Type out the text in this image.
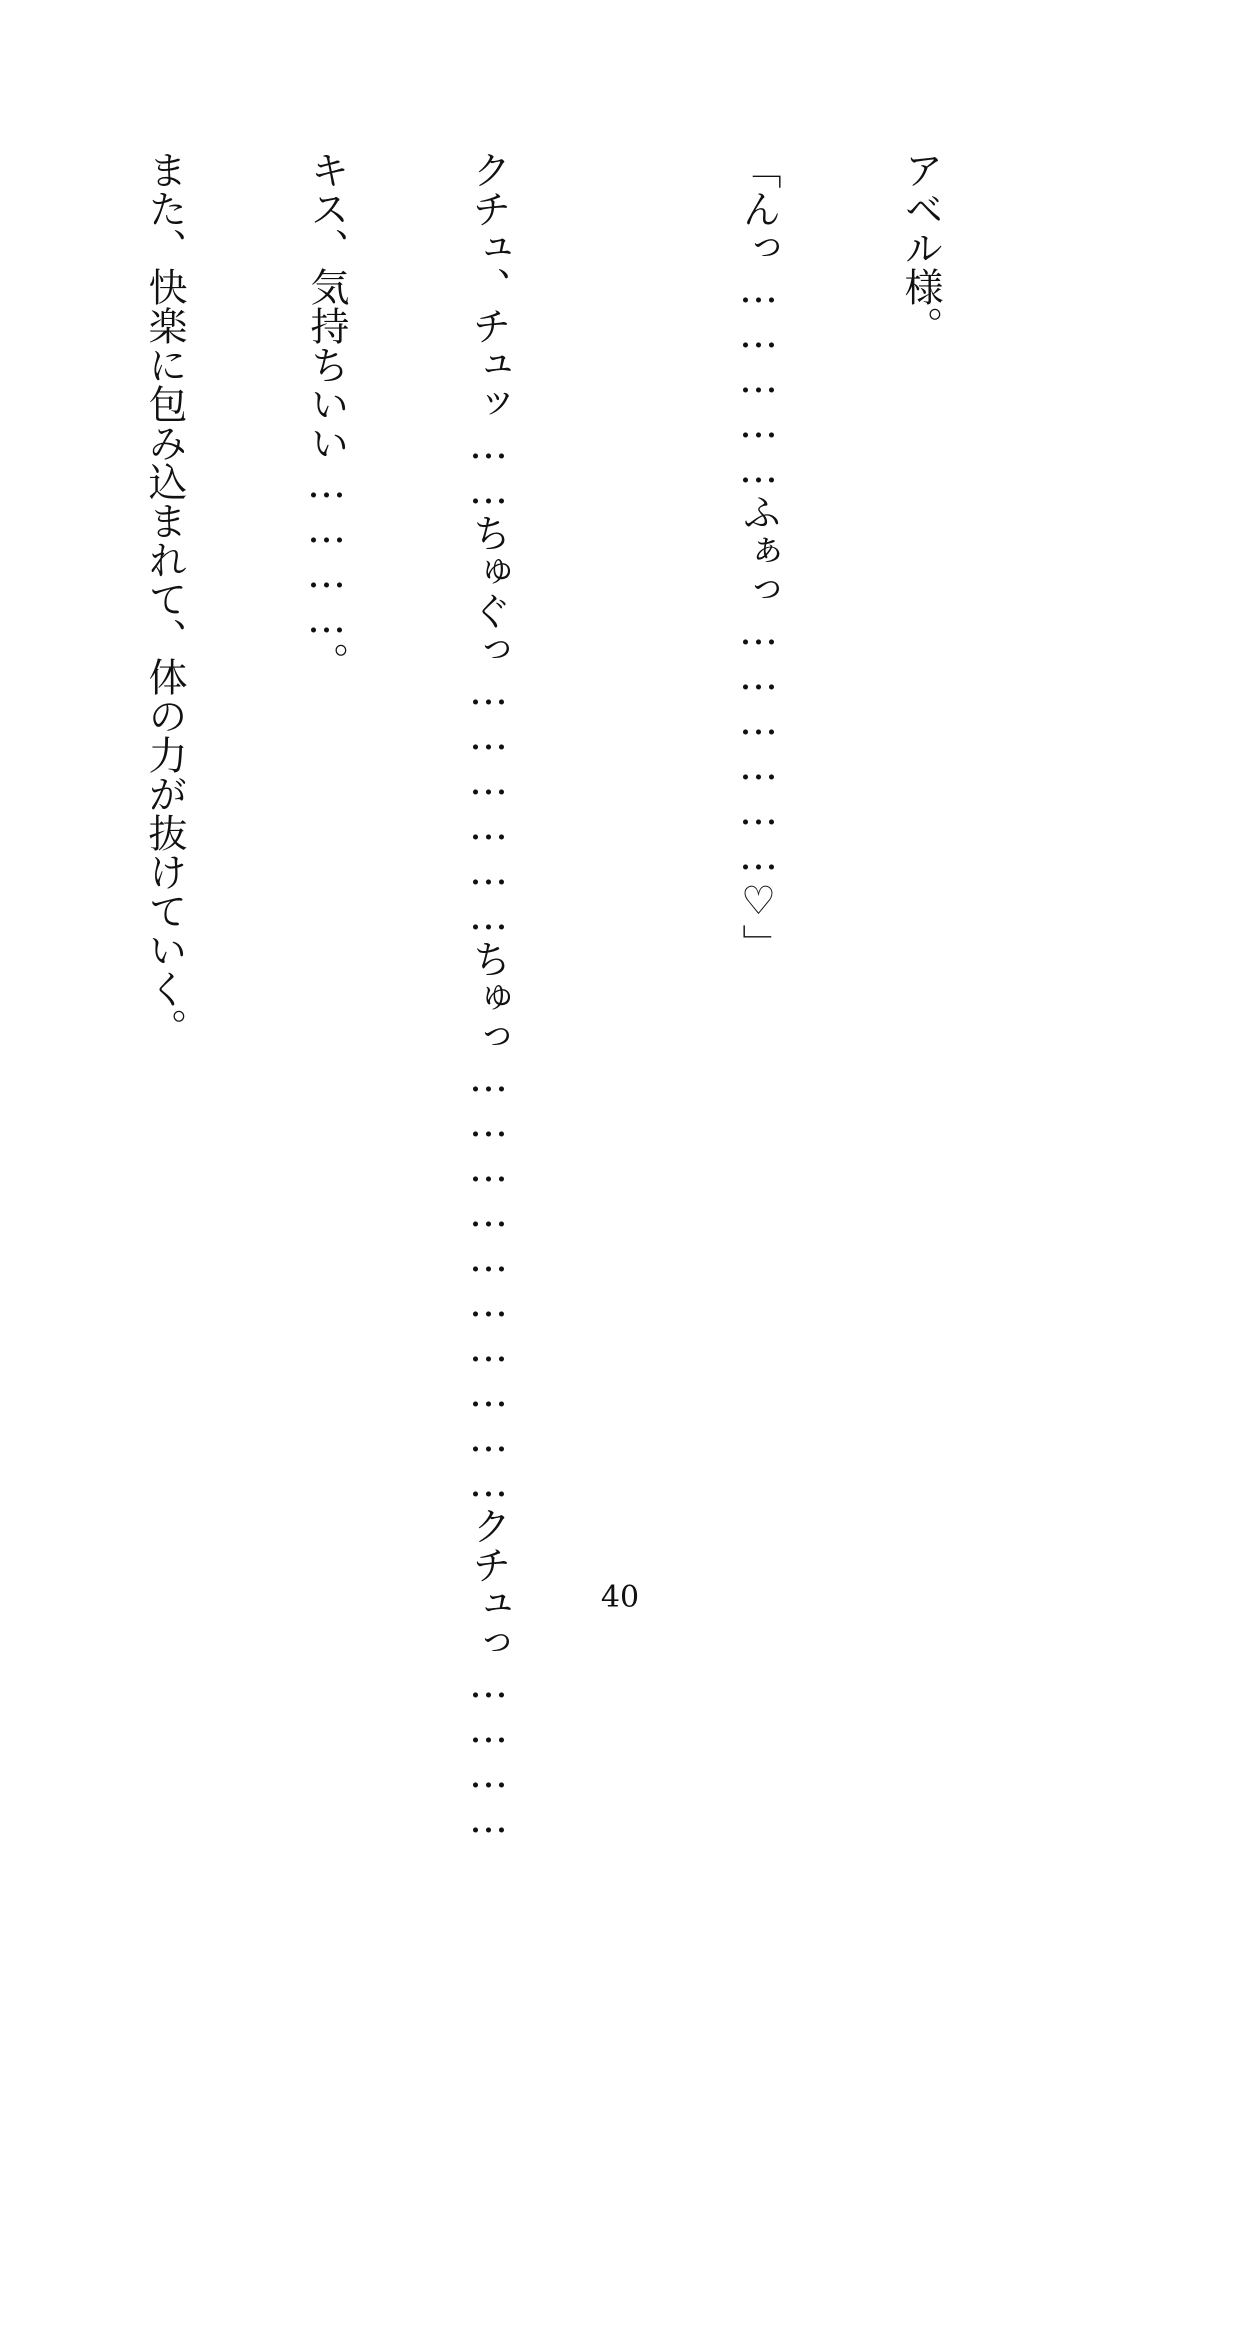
アベル様。

「んっ……………ふぁっ………………♡」

クチュ、チュッ……ちゅぐっ………………ちゅっ…………………………クチュっ…………

キス、気持ちいい…………。

また、快楽に包み込まれて、体の力が抜けていく。

40
